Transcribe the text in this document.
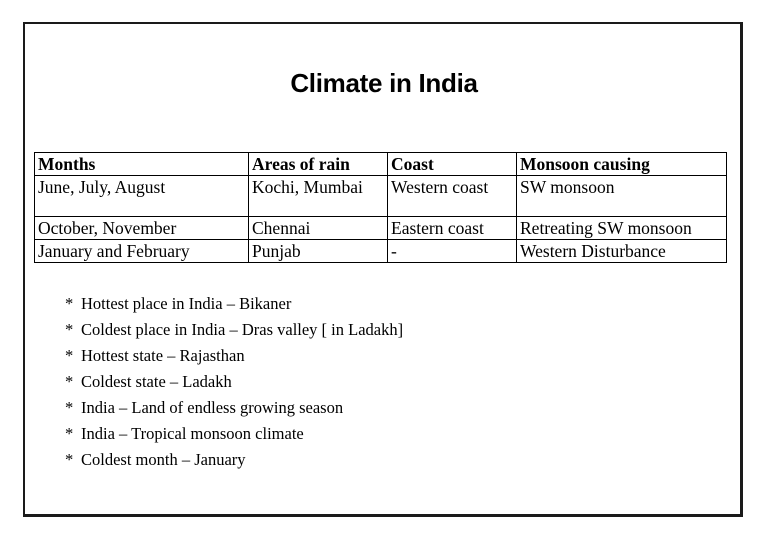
Climate in India
Months	Areas of rain	Coast	Monsoon causing
June, July, August	Kochi, Mumbai	Western coast	SW monsoon
October, November	Chennai	Eastern coast	Retreating SW monsoon
January and February	Punjab	-	Western Disturbance
* Hottest place in India – Bikaner
* Coldest place in India – Dras valley [ in Ladakh]
* Hottest state – Rajasthan
* Coldest state – Ladakh
* India – Land of endless growing season
* India – Tropical monsoon climate
* Coldest month – January
